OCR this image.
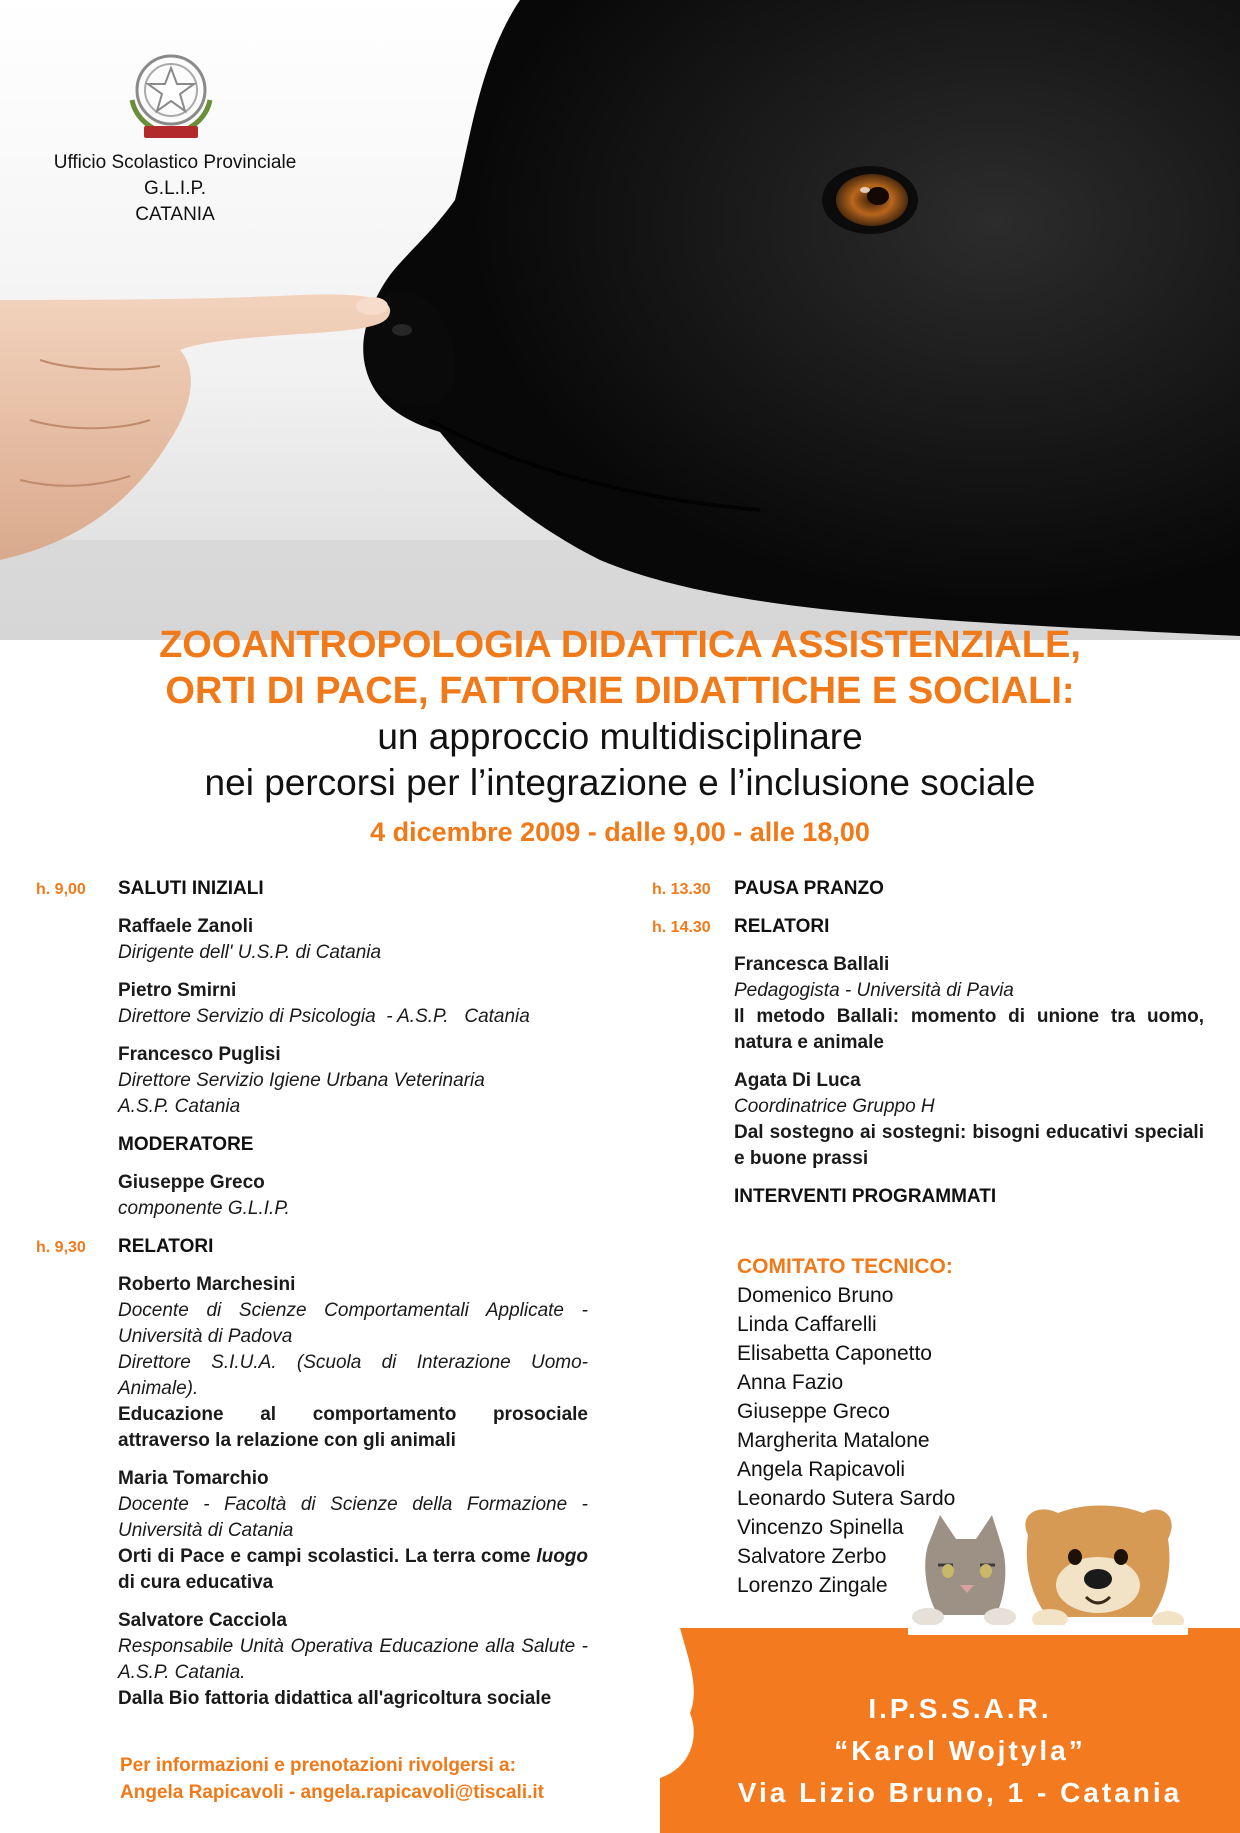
Ufficio Scolastico Provinciale
G.L.I.P.
CATANIA
ZOOANTROPOLOGIA DIDATTICA ASSISTENZIALE,
ORTI DI PACE, FATTORIE DIDATTICHE E SOCIALI:
un approccio multidisciplinare
nei percorsi per l’integrazione e l’inclusione sociale
4 dicembre 2009 - dalle 9,00 - alle 18,00
h. 9,00 SALUTI INIZIALI
Raffaele Zanoli
Dirigente dell' U.S.P. di Catania
Pietro Smirni
Direttore Servizio di Psicologia  - A.S.P.   Catania
Francesco Puglisi
Direttore Servizio Igiene Urbana Veterinaria
A.S.P. Catania
MODERATORE
Giuseppe Greco
componente G.L.I.P.
h. 9,30 RELATORI
Roberto Marchesini
Docente di Scienze Comportamentali Applicate - Università di Padova
Direttore S.I.U.A. (Scuola di Interazione Uomo-Animale).
Educazione al comportamento prosociale attraverso la relazione con gli animali
Maria Tomarchio
Docente - Facoltà di Scienze della Formazione - Università di Catania
Orti di Pace e campi scolastici. La terra come luogo di cura educativa
Salvatore Cacciola
Responsabile Unità Operativa Educazione alla Salute - A.S.P. Catania.
Dalla Bio fattoria didattica all'agricoltura sociale
h. 13.30 PAUSA PRANZO
h. 14.30 RELATORI
Francesca Ballali
Pedagogista - Università di Pavia
Il metodo Ballali: momento di unione tra uomo, natura e animale
Agata Di Luca
Coordinatrice Gruppo H
Dal sostegno ai sostegni: bisogni educativi speciali e buone prassi
INTERVENTI PROGRAMMATI
COMITATO TECNICO:
Domenico Bruno
Linda Caffarelli
Elisabetta Caponetto
Anna Fazio
Giuseppe Greco
Margherita Matalone
Angela Rapicavoli
Leonardo Sutera Sardo
Vincenzo Spinella
Salvatore Zerbo
Lorenzo Zingale
Per informazioni e prenotazioni rivolgersi a:
Angela Rapicavoli - angela.rapicavoli@tiscali.it
I.P.S.S.A.R.
“Karol Wojtyla”
Via Lizio Bruno, 1 - Catania
